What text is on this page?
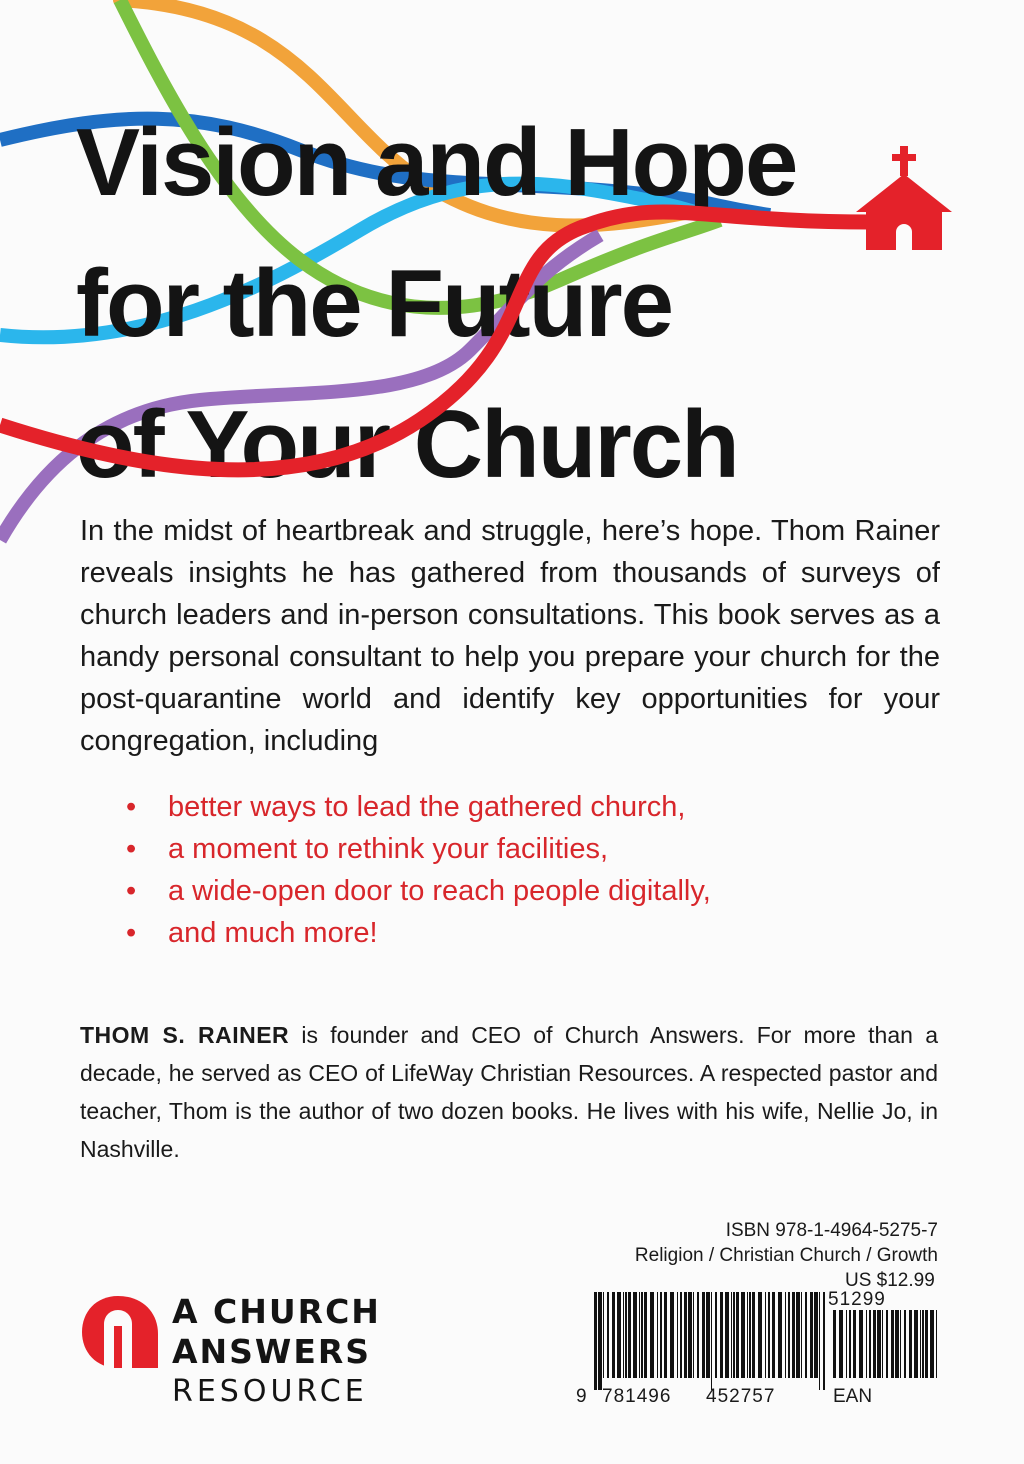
Vision and Hope
for the Future
of Your Church

In the midst of heartbreak and struggle, here’s hope. Thom Rainer reveals insights he has gathered from thousands of surveys of church leaders and in-person consultations. This book serves as a handy personal consultant to help you prepare your church for the post-quarantine world and identify key opportunities for your congregation, including

• better ways to lead the gathered church,
• a moment to rethink your facilities,
• a wide-open door to reach people digitally,
• and much more!

THOM S. RAINER is founder and CEO of Church Answers. For more than a decade, he served as CEO of LifeWay Christian Resources. A respected pastor and teacher, Thom is the author of two dozen books. He lives with his wife, Nellie Jo, in Nashville.

ISBN 978-1-4964-5275-7
Religion / Christian Church / Growth
US $12.99
51299
9 781496 452757	EAN
A CHURCH
ANSWERS
RESOURCE
